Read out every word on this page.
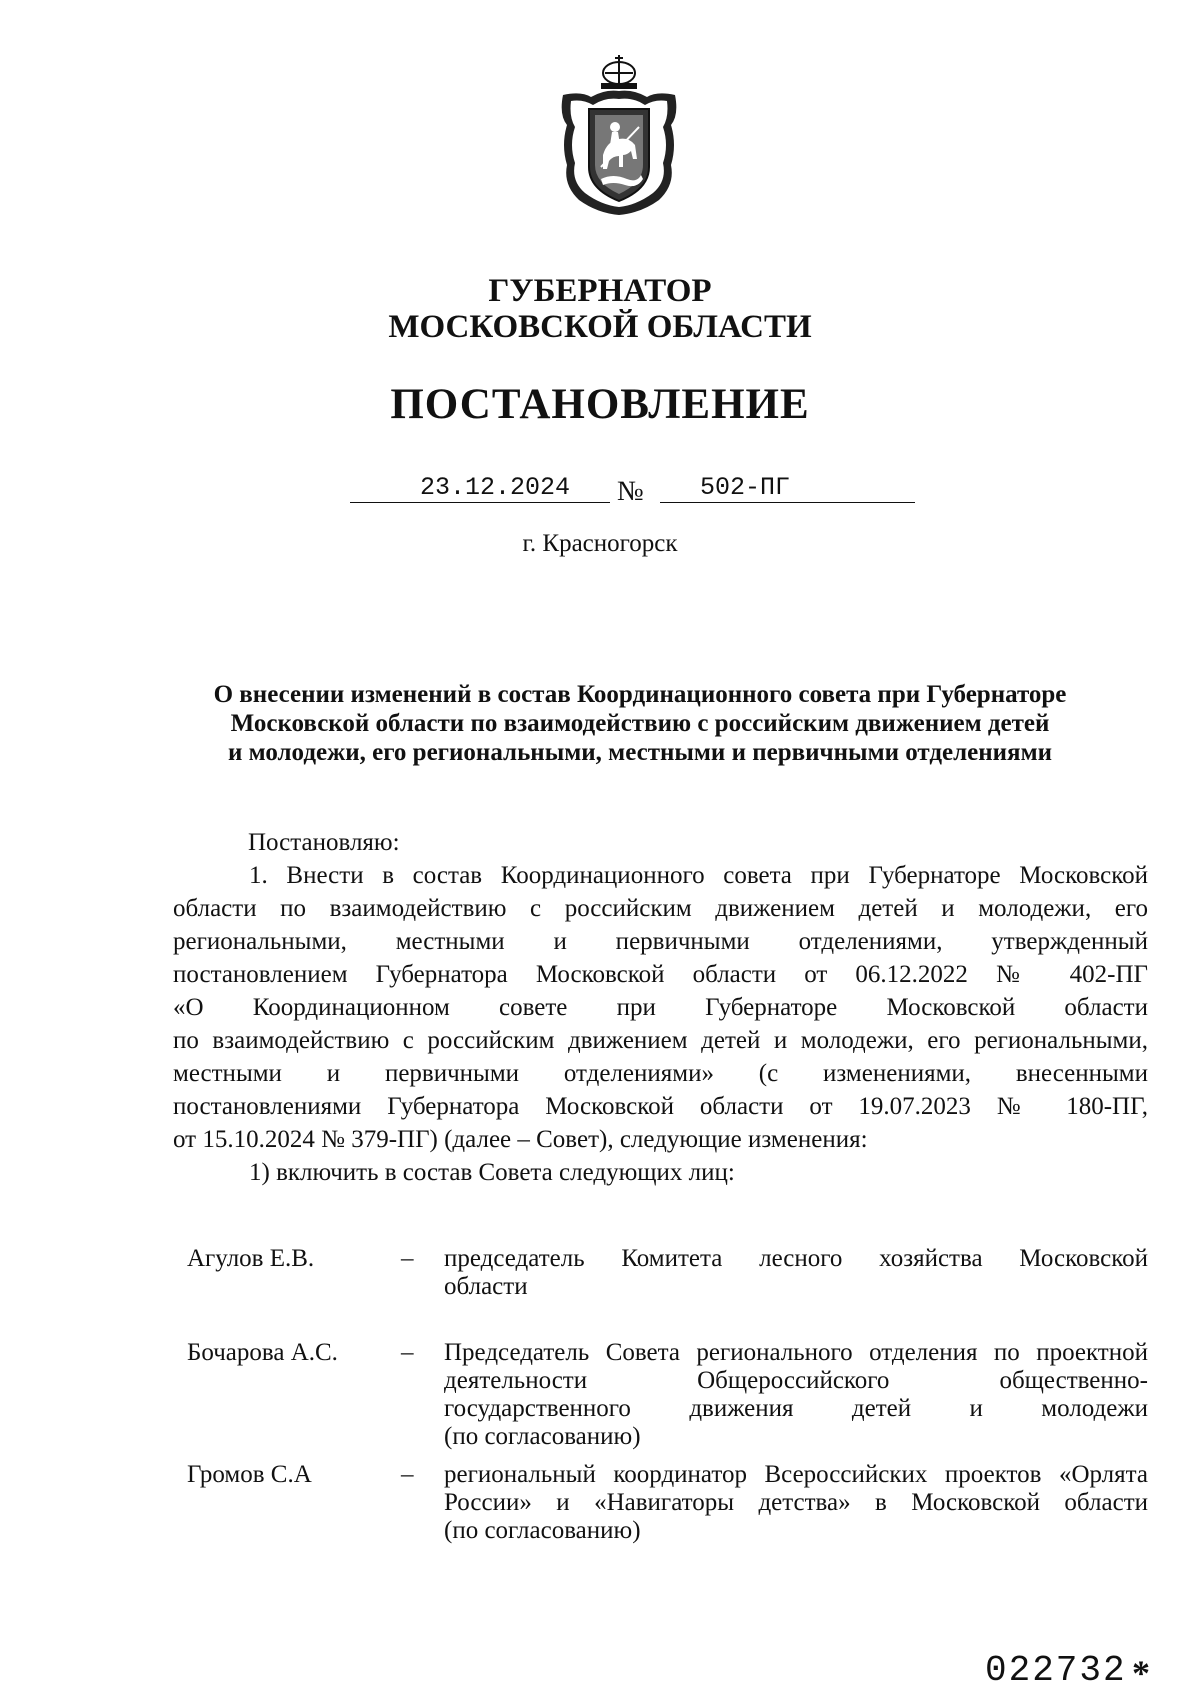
ГУБЕРНАТОР
МОСКОВСКОЙ ОБЛАСТИ
ПОСТАНОВЛЕНИЕ
23.12.2024 № 502-ПГ
г. Красногорск
О внесении изменений в состав Координационного совета при Губернаторе
Московской области по взаимодействию с российским движением детей
и молодежи, его региональными, местными и первичными отделениями
Постановляю:
1. Внести в состав Координационного совета при Губернаторе Московской
области по взаимодействию с российским движением детей и молодежи, его
региональными, местными и первичными отделениями, утвержденный
постановлением Губернатора Московской области от 06.12.2022 № 402-ПГ
«О Координационном совете при Губернаторе Московской области
по взаимодействию с российским движением детей и молодежи, его региональными,
местными и первичными отделениями» (с изменениями, внесенными
постановлениями Губернатора Московской области от 19.07.2023 № 180-ПГ,
от 15.10.2024 № 379-ПГ) (далее – Совет), следующие изменения:
1) включить в состав Совета следующих лиц:
Агулов Е.В.	– председатель Комитета лесного хозяйства Московской
области
Бочарова А.С.	– Председатель Совета регионального отделения по проектной
деятельности Общероссийского общественно-
государственного движения детей и молодежи
(по согласованию)
Громов С.А	– региональный координатор Всероссийских проектов «Орлята
России» и «Навигаторы детства» в Московской области
(по согласованию)
022732 *
